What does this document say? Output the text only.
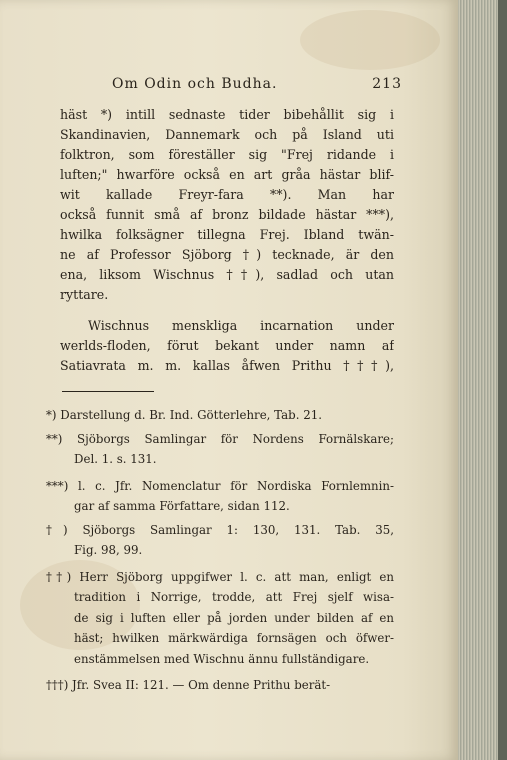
Om Odin och Budha.	213
häst *) intill sednaste tider bibehållit sig i
Skandinavien, Dannemark och på Island uti
folktron, som föreställer sig "Frej ridande i
luften;" hwarföre också en art gråa hästar blif-
wit kallade Freyr-fara **). Man har
också funnit små af bronz bildade hästar ***),
hwilka folksägner tillegna Frej. Ibland twän-
ne af Professor Sjöborg †) tecknade, är den
ena, liksom Wischnus ††), sadlad och utan
ryttare.
Wischnus menskliga incarnation under
werlds-floden, förut bekant under namn af
Satiavrata m. m. kallas åfwen Prithu †††),
*) Darstellung d. Br. Ind. Götterlehre, Tab. 21.
**) Sjöborgs Samlingar för Nordens Fornälskare;
Del. 1. s. 131.
***) l. c. Jfr. Nomenclatur för Nordiska Fornlemnin-
gar af samma Författare, sidan 112.
†) Sjöborgs Samlingar 1: 130, 131. Tab. 35,
Fig. 98, 99.
††) Herr Sjöborg uppgifwer l. c. att man, enligt en
tradition i Norrige, trodde, att Frej sjelf wisa-
de sig i luften eller på jorden under bilden af en
häst; hwilken märkwärdiga fornsägen och öfwer-
enstämmelsen med Wischnu ännu fullständigare.
†††) Jfr. Svea II: 121. — Om denne Prithu berät-
